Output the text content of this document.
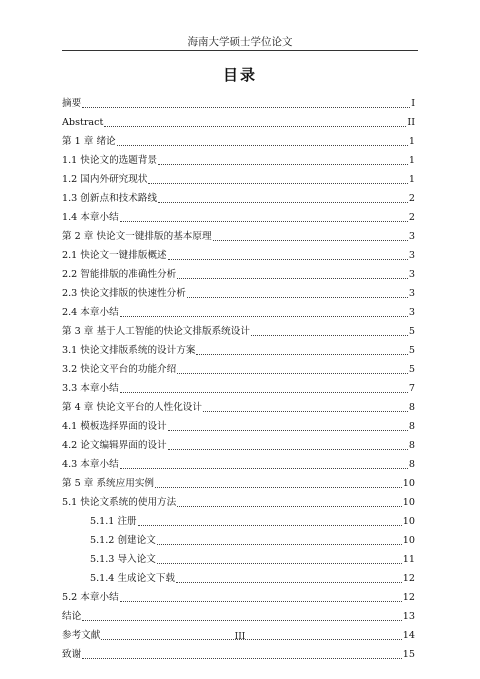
海南大学硕士学位论文
目录
摘要	I
Abstract	II
第 1 章 绪论	1
1.1 快论文的选题背景	1
1.2 国内外研究现状	1
1.3 创新点和技术路线	2
1.4 本章小结	2
第 2 章 快论文一键排版的基本原理	3
2.1 快论文一键排版概述	3
2.2 智能排版的准确性分析	3
2.3 快论文排版的快速性分析	3
2.4 本章小结	3
第 3 章 基于人工智能的快论文排版系统设计	5
3.1 快论文排版系统的设计方案	5
3.2 快论文平台的功能介绍	5
3.3 本章小结	7
第 4 章 快论文平台的人性化设计	8
4.1 模板选择界面的设计	8
4.2 论文编辑界面的设计	8
4.3 本章小结	8
第 5 章 系统应用实例	10
5.1 快论文系统的使用方法	10
5.1.1 注册	10
5.1.2 创建论文	10
5.1.3 导入论文	11
5.1.4 生成论文下载	12
5.2 本章小结	12
结论	13
参考文献	14
致谢	15
III
